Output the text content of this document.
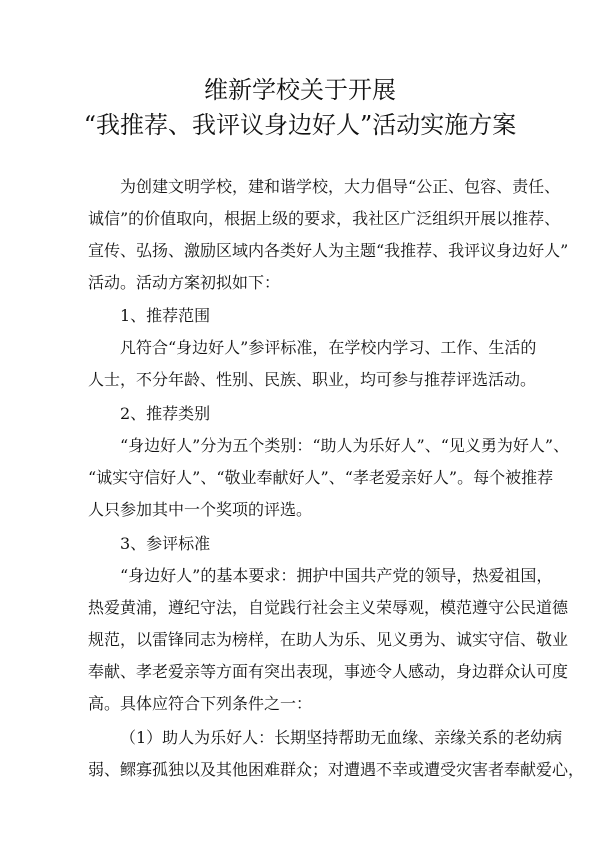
维新学校关于开展
“我推荐、我评议身边好人”活动实施方案
为创建文明学校，建和谐学校，大力倡导“公正、包容、责任、
诚信”的价值取向，根据上级的要求，我社区广泛组织开展以推荐、
宣传、弘扬、激励区域内各类好人为主题“我推荐、我评议身边好人”
活动。活动方案初拟如下：
1、推荐范围
凡符合“身边好人”参评标准，在学校内学习、工作、生活的
人士，不分年龄、性别、民族、职业，均可参与推荐评选活动。
2、推荐类别
“身边好人”分为五个类别：“助人为乐好人”、“见义勇为好人”、
“诚实守信好人”、“敬业奉献好人”、“孝老爱亲好人”。每个被推荐
人只参加其中一个奖项的评选。
3、参评标准
“身边好人”的基本要求：拥护中国共产党的领导，热爱祖国，
热爱黄浦，遵纪守法，自觉践行社会主义荣辱观，模范遵守公民道德
规范，以雷锋同志为榜样，在助人为乐、见义勇为、诚实守信、敬业
奉献、孝老爱亲等方面有突出表现，事迹令人感动，身边群众认可度
高。具体应符合下列条件之一：
（1）助人为乐好人：长期坚持帮助无血缘、亲缘关系的老幼病
弱、鳏寡孤独以及其他困难群众；对遭遇不幸或遭受灾害者奉献爱心，
